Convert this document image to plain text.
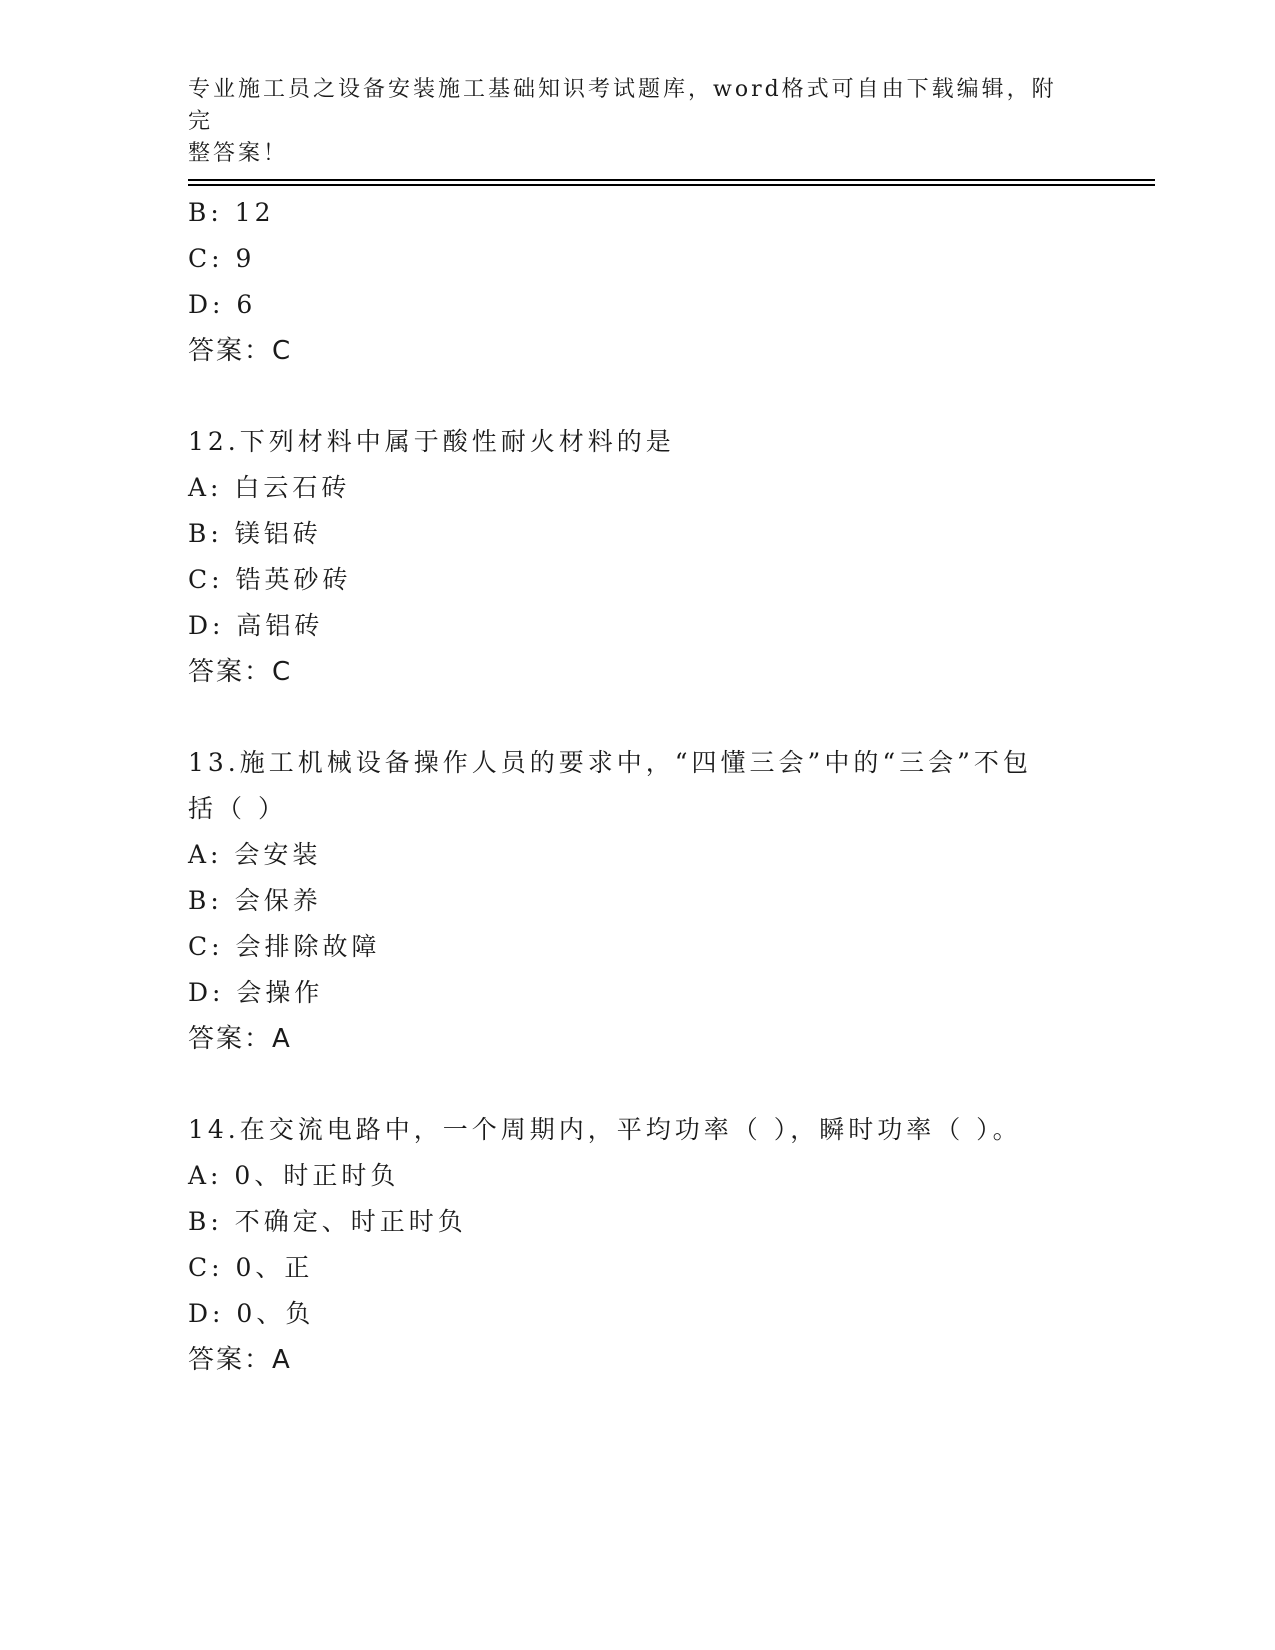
专业施工员之设备安装施工基础知识考试题库，word格式可自由下载编辑，附完
整答案！
B: 12
C: 9
D: 6
答案：C
12.下列材料中属于酸性耐火材料的是
A: 白云石砖
B: 镁铝砖
C: 锆英砂砖
D: 高铝砖
答案：C
13.施工机械设备操作人员的要求中，“四懂三会”中的“三会”不包
括（ ）
A: 会安装
B: 会保养
C: 会排除故障
D: 会操作
答案：A
14.在交流电路中，一个周期内，平均功率（ ），瞬时功率（ ）。
A: 0、时正时负
B: 不确定、时正时负
C: 0、正
D: 0、负
答案：A
